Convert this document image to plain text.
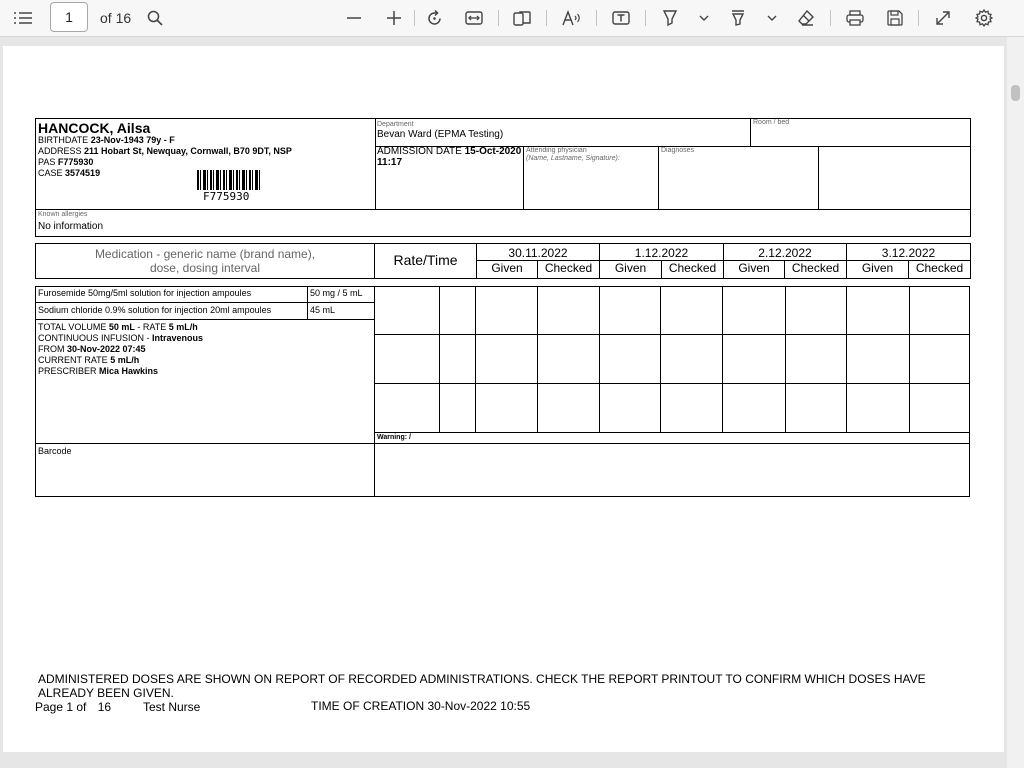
1	of 16
HANCOCK, Ailsa
BIRTHDATE 23-Nov-1943 79y - F
ADDRESS 211 Hobart St, Newquay, Cornwall, B70 9DT, NSP
PAS F775930
CASE 3574519
F775930
Department
Bevan Ward (EPMA Testing)
Room / bed
ADMISSION DATE 15-Oct-2020
11:17
Attending physician
(Name, Lastname, Signature):
Diagnoses
Known allergies
No information
Medication - generic name (brand name),
dose, dosing interval	Rate/Time	30.11.2022	1.12.2022	2.12.2022	3.12.2022
Given	Checked	Given	Checked	Given	Checked	Given	Checked
Furosemide 50mg/5ml solution for injection ampoules	50 mg / 5 mL
Sodium chloride 0.9% solution for injection 20ml ampoules	45 mL
TOTAL VOLUME 50 mL - RATE 5 mL/h
CONTINUOUS INFUSION - Intravenous
FROM 30-Nov-2022 07:45
CURRENT RATE 5 mL/h
PRESCRIBER Mica Hawkins
Barcode
Warning: /
ADMINISTERED DOSES ARE SHOWN ON REPORT OF RECORDED ADMINISTRATIONS. CHECK THE REPORT PRINTOUT TO CONFIRM WHICH DOSES HAVE
ALREADY BEEN GIVEN.
Page 1 of 16	Test Nurse	TIME OF CREATION 30-Nov-2022 10:55
